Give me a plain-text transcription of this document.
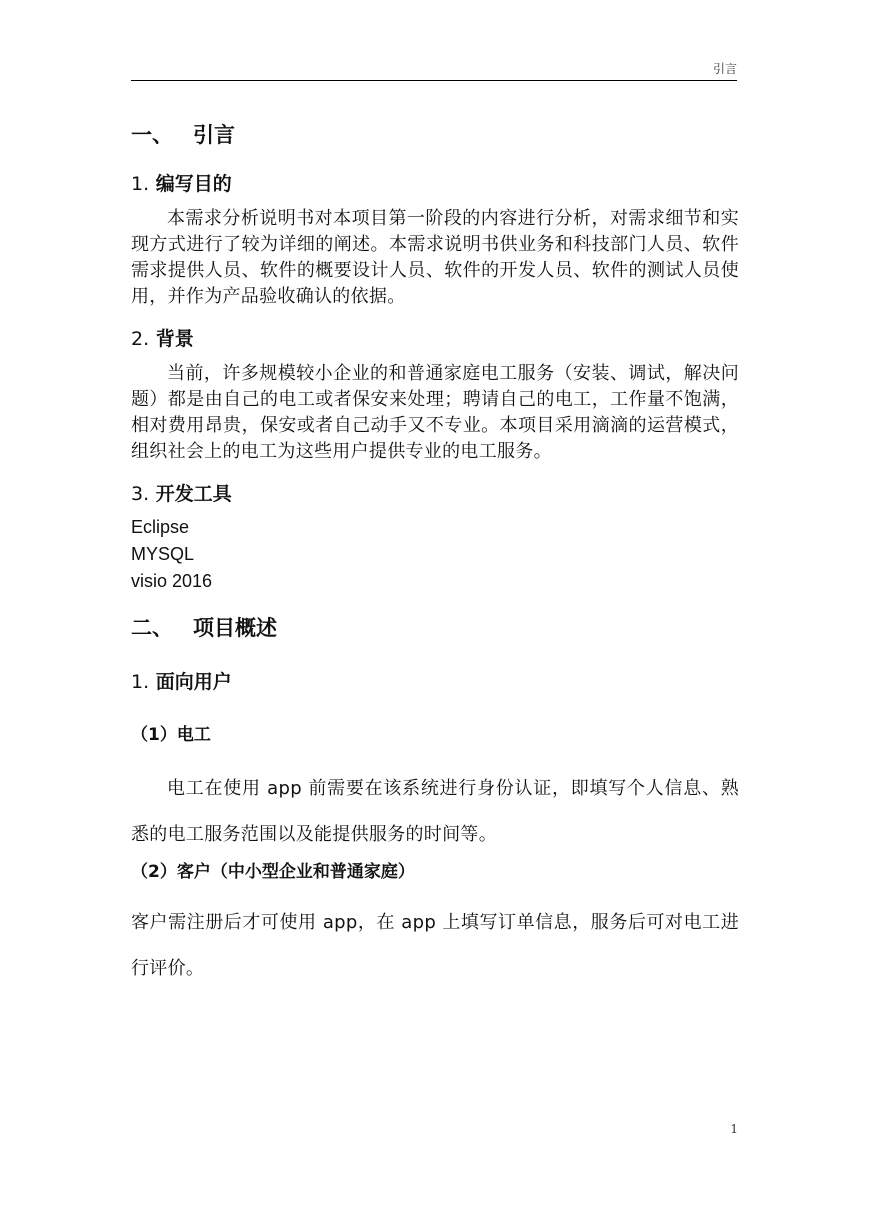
引言
一、 引言
1. 编写目的

本需求分析说明书对本项目第一阶段的内容进行分析，对需求细节和实现方式进行了较为详细的阐述。本需求说明书供业务和科技部门人员、软件需求提供人员、软件的概要设计人员、软件的开发人员、软件的测试人员使用，并作为产品验收确认的依据。

2. 背景

当前，许多规模较小企业的和普通家庭电工服务（安装、调试，解决问题）都是由自己的电工或者保安来处理；聘请自己的电工，工作量不饱满，相对费用昂贵，保安或者自己动手又不专业。本项目采用滴滴的运营模式，组织社会上的电工为这些用户提供专业的电工服务。

3. 开发工具
Eclipse
MYSQL
visio 2016
二、 项目概述
1. 面向用户
（1）电工

电工在使用 app 前需要在该系统进行身份认证，即填写个人信息、熟悉的电工服务范围以及能提供服务的时间等。

（2）客户（中小型企业和普通家庭）

客户需注册后才可使用 app，在 app 上填写订单信息，服务后可对电工进行评价。

1
